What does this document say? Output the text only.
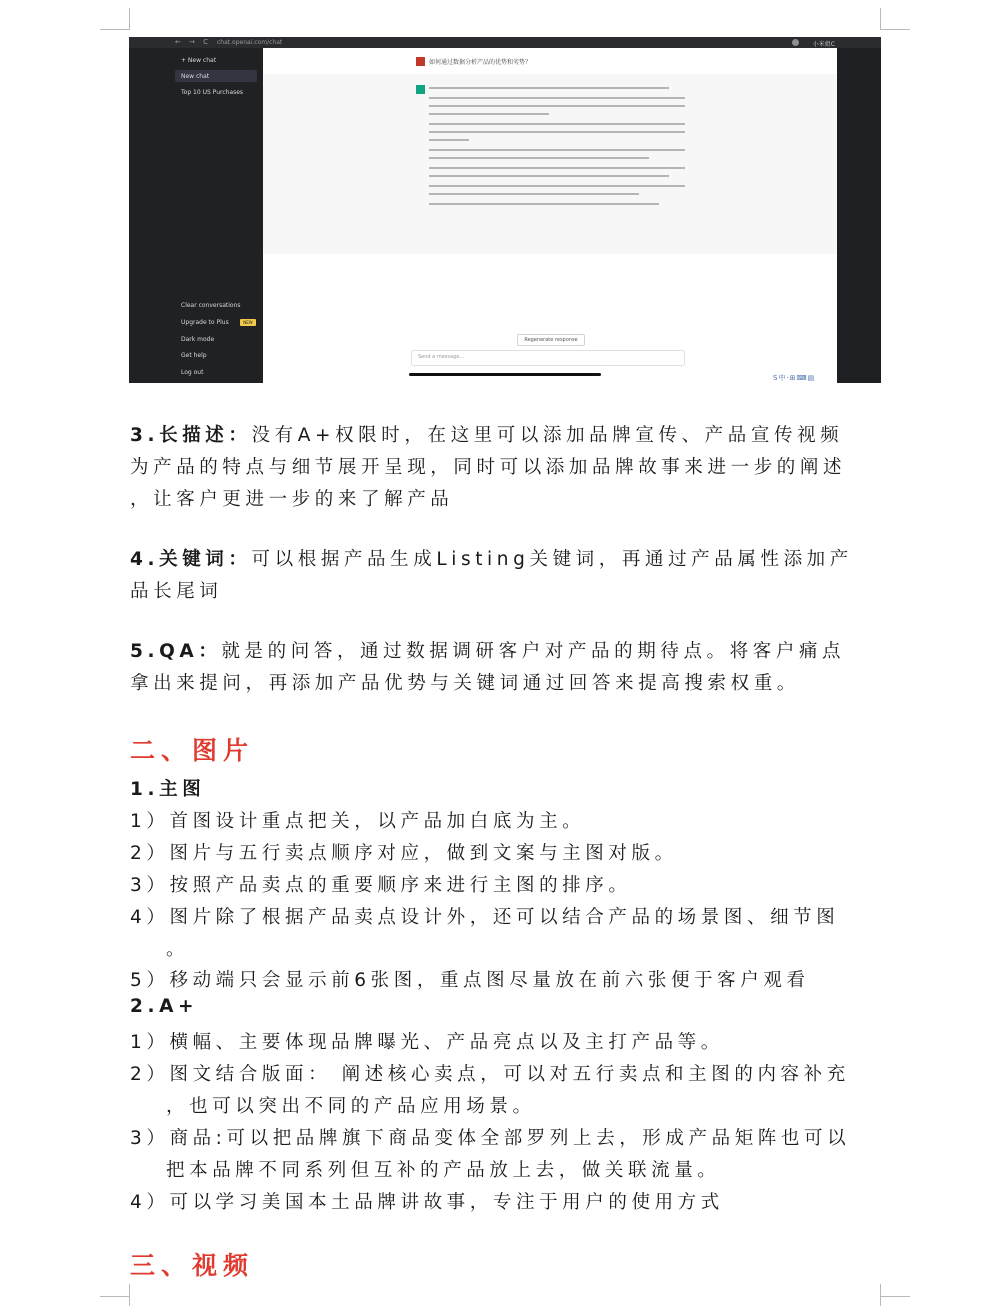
← → C chat.openai.com/chat	小米姐C
+ New chat
New chat
Top 10 US Purchases
Clear conversations
Upgrade to Plus	NEW
Dark mode
Get help
Log out
如何通过数据分析产品的优势和劣势？
Regenerate response
Send a message...
S中·⊞⌨▤
3.长描述：没有A+权限时，在这里可以添加品牌宣传、产品宣传视频
为产品的特点与细节展开呈现，同时可以添加品牌故事来进一步的阐述
，让客户更进一步的来了解产品
4.关键词：可以根据产品生成Listing关键词，再通过产品属性添加产
品长尾词
5.QA：就是的问答，通过数据调研客户对产品的期待点。将客户痛点
拿出来提问，再添加产品优势与关键词通过回答来提高搜索权重。
二、图片
1.主图
1）首图设计重点把关，以产品加白底为主。
2）图片与五行卖点顺序对应，做到文案与主图对版。
3）按照产品卖点的重要顺序来进行主图的排序。
4）图片除了根据产品卖点设计外，还可以结合产品的场景图、细节图
。
5）移动端只会显示前6张图，重点图尽量放在前六张便于客户观看
2.A+
1）横幅、主要体现品牌曝光、产品亮点以及主打产品等。
2）图文结合版面： 阐述核心卖点，可以对五行卖点和主图的内容补充
，也可以突出不同的产品应用场景。
3）商品:可以把品牌旗下商品变体全部罗列上去，形成产品矩阵也可以
把本品牌不同系列但互补的产品放上去，做关联流量。
4）可以学习美国本土品牌讲故事，专注于用户的使用方式
三、视频
